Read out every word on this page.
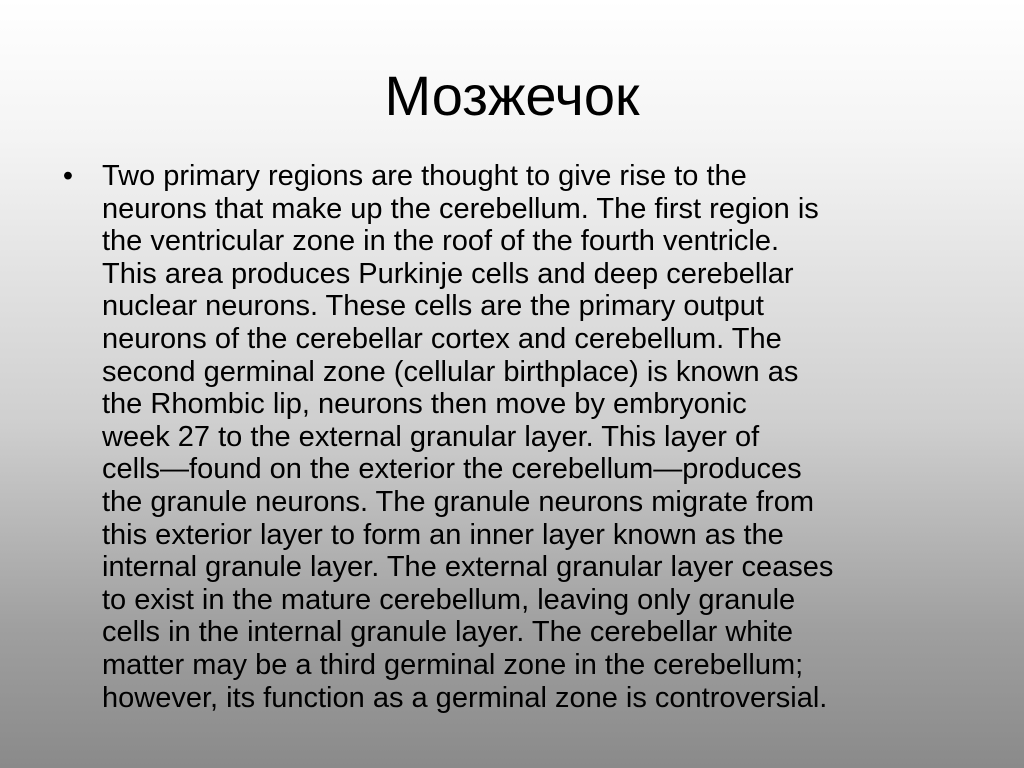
Мозжечок
• Two primary regions are thought to give rise to the
neurons that make up the cerebellum. The first region is
the ventricular zone in the roof of the fourth ventricle.
This area produces Purkinje cells and deep cerebellar
nuclear neurons. These cells are the primary output
neurons of the cerebellar cortex and cerebellum. The
second germinal zone (cellular birthplace) is known as
the Rhombic lip, neurons then move by embryonic
week 27 to the external granular layer. This layer of
cells—found on the exterior the cerebellum—produces
the granule neurons. The granule neurons migrate from
this exterior layer to form an inner layer known as the
internal granule layer. The external granular layer ceases
to exist in the mature cerebellum, leaving only granule
cells in the internal granule layer. The cerebellar white
matter may be a third germinal zone in the cerebellum;
however, its function as a germinal zone is controversial.
